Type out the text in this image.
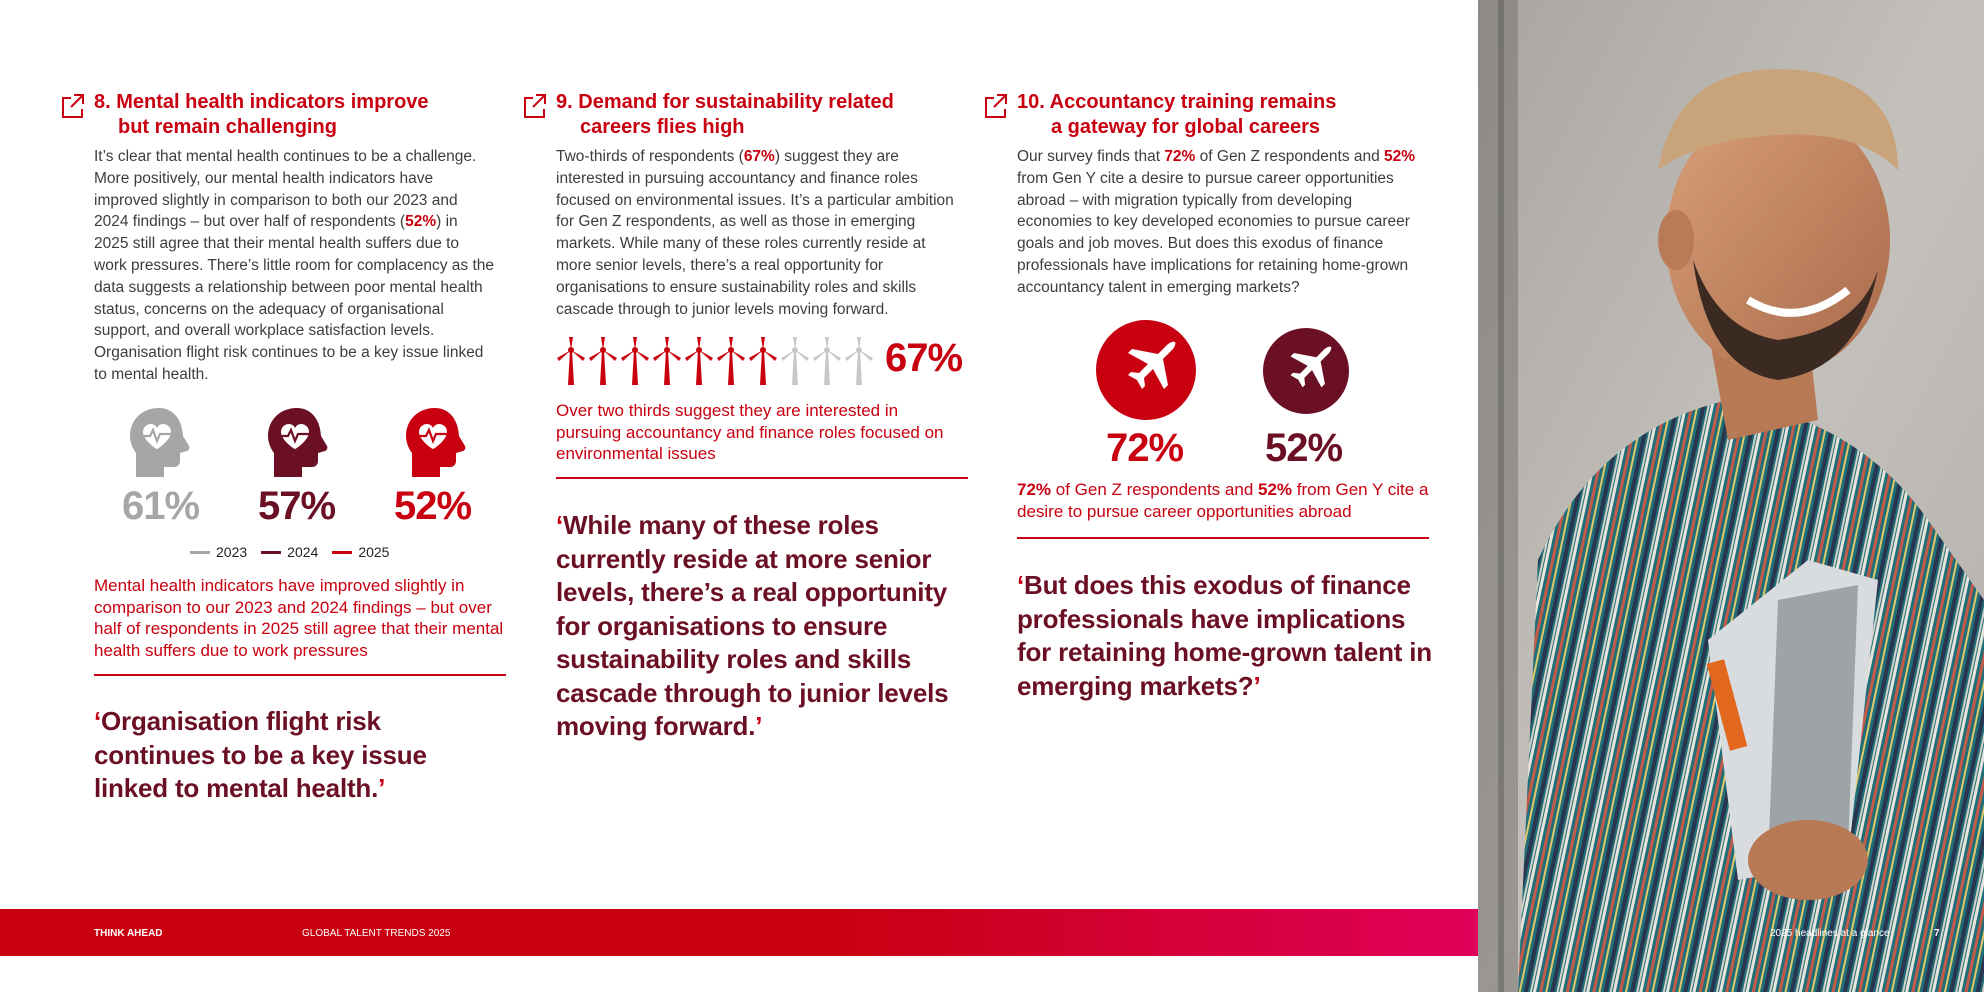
8. Mental health indicators improve
but remain challenging

It’s clear that mental health continues to be a challenge. More positively, our mental health indicators have improved slightly in comparison to both our 2023 and 2024 findings – but over half of respondents (52%) in 2025 still agree that their mental health suffers due to work pressures. There’s little room for complacency as the data suggests a relationship between poor mental health status, concerns on the adequacy of organisational support, and overall workplace satisfaction levels. Organisation flight risk continues to be a key issue linked to mental health.

61% 57% 52%
2023	2024	2025

Mental health indicators have improved slightly in comparison to our 2023 and 2024 findings – but over half of respondents in 2025 still agree that their mental health suffers due to work pressures

‘Organisation flight risk continues to be a key issue linked to mental health.’

9. Demand for sustainability related
careers flies high

Two-thirds of respondents (67%) suggest they are interested in pursuing accountancy and finance roles focused on environmental issues. It’s a particular ambition for Gen Z respondents, as well as those in emerging markets. While many of these roles currently reside at more senior levels, there’s a real opportunity for organisations to ensure sustainability roles and skills cascade through to junior levels moving forward.

67%

Over two thirds suggest they are interested in pursuing accountancy and finance roles focused on environmental issues

‘While many of these roles currently reside at more senior levels, there’s a real opportunity for organisations to ensure sustainability roles and skills cascade through to junior levels moving forward.’

10. Accountancy training remains
a gateway for global careers

Our survey finds that 72% of Gen Z respondents and 52% from Gen Y cite a desire to pursue career opportunities abroad – with migration typically from developing economies to key developed economies to pursue career goals and job moves. But does this exodus of finance professionals have implications for retaining home-grown accountancy talent in emerging markets?

72% 52%

72% of Gen Z respondents and 52% from Gen Y cite a desire to pursue career opportunities abroad

‘But does this exodus of finance professionals have implications for retaining home-grown talent in emerging markets?’

THINK AHEAD	GLOBAL TALENT TRENDS 2025	2025 headlines at a glance	7
